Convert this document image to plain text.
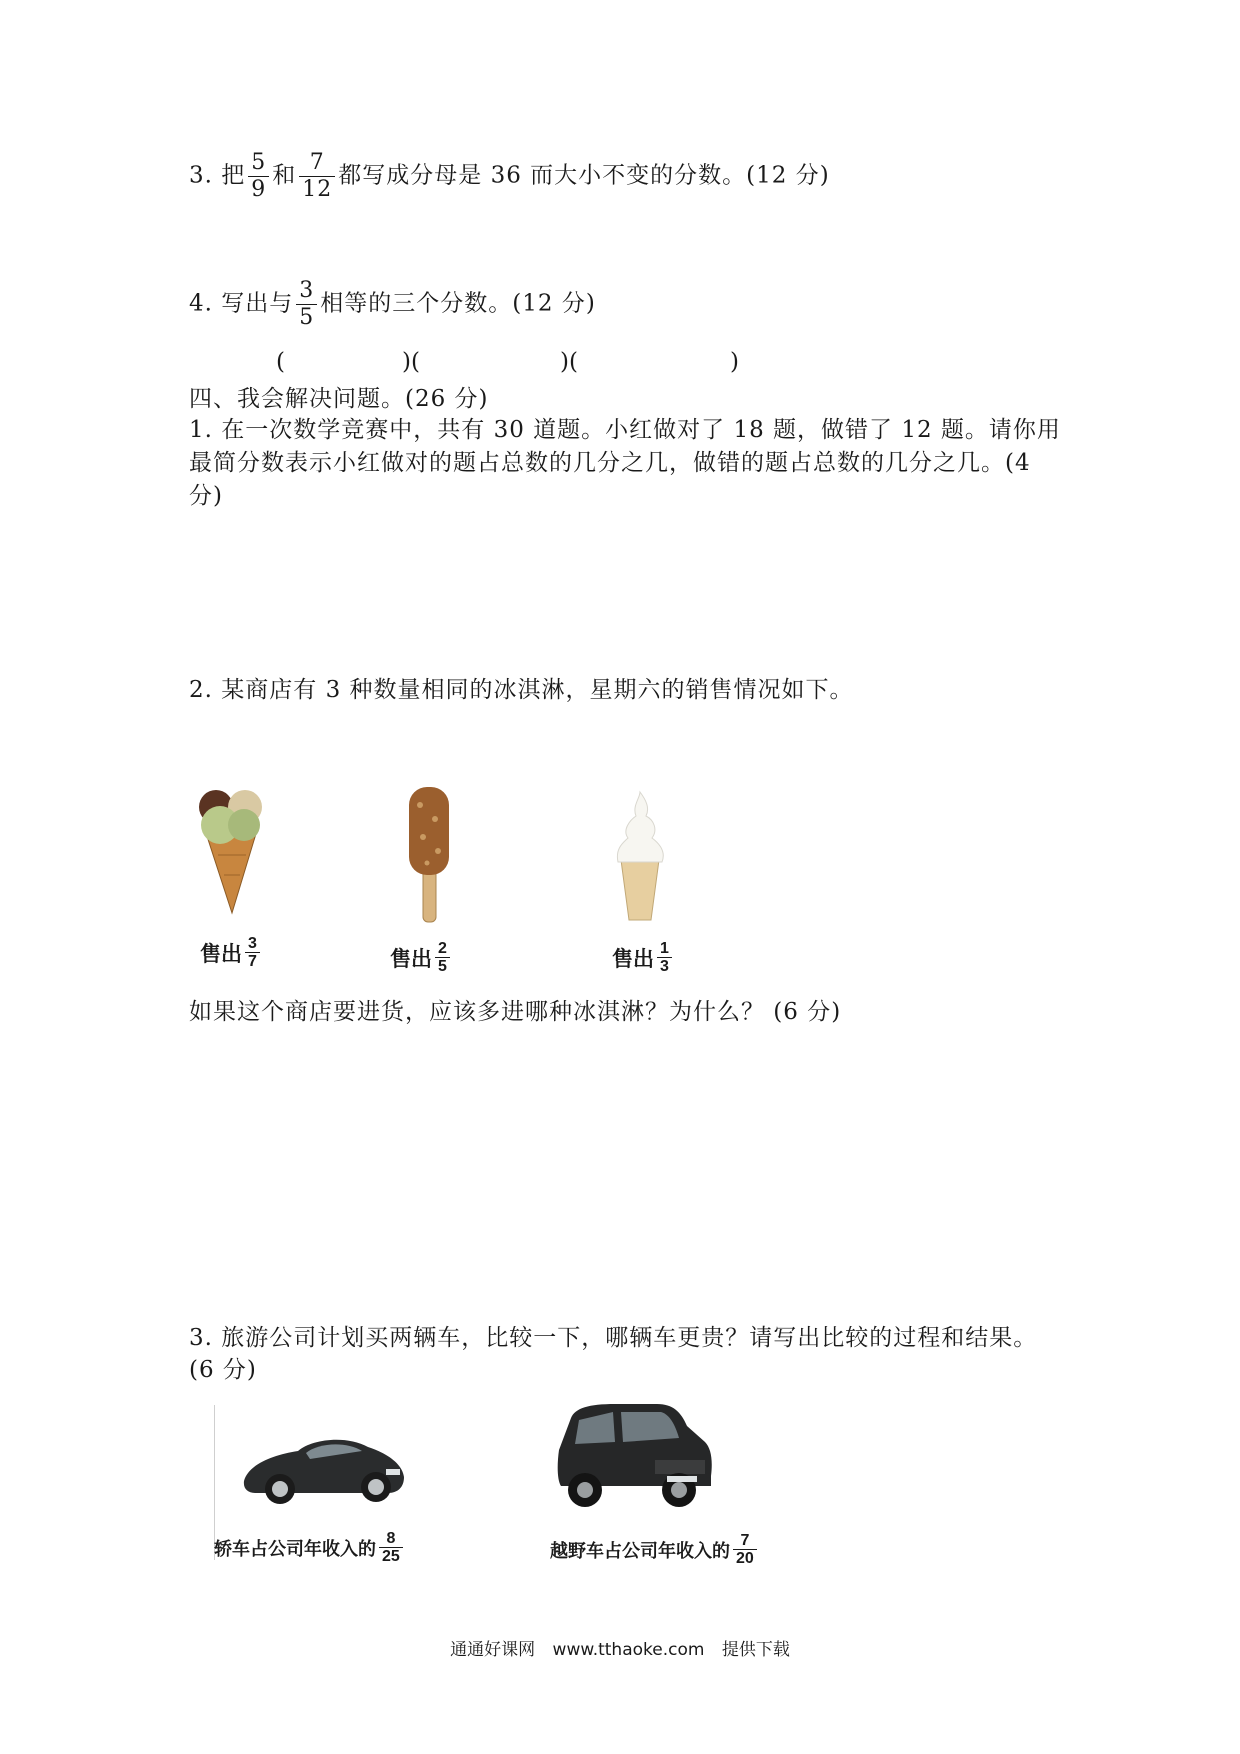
3. 把 $\frac{5}{9}$ 和 $\frac{7}{12}$ 都写成分母是 36 而大小不变的分数。(12 分)
4. 写出与 $\frac{3}{5}$ 相等的三个分数。(12 分)
(	)(	)(	)
四、我会解决问题。(26 分)
1. 在一次数学竞赛中，共有 30 道题。小红做对了 18 题，做错了 12 题。请你用
最简分数表示小红做对的题占总数的几分之几，做错的题占总数的几分之几。(4
分)
2. 某商店有 3 种数量相同的冰淇淋，星期六的销售情况如下。
售出 $\frac{3}{7}$	售出 $\frac{2}{5}$	售出 $\frac{1}{3}$
如果这个商店要进货，应该多进哪种冰淇淋？为什么？ (6 分)
3. 旅游公司计划买两辆车，比较一下，哪辆车更贵？请写出比较的过程和结果。
(6 分)
轿车占公司年收入的 $\frac{8}{25}$	越野车占公司年收入的 $\frac{7}{20}$
通通好课网 www.tthaoke.com 提供下载
